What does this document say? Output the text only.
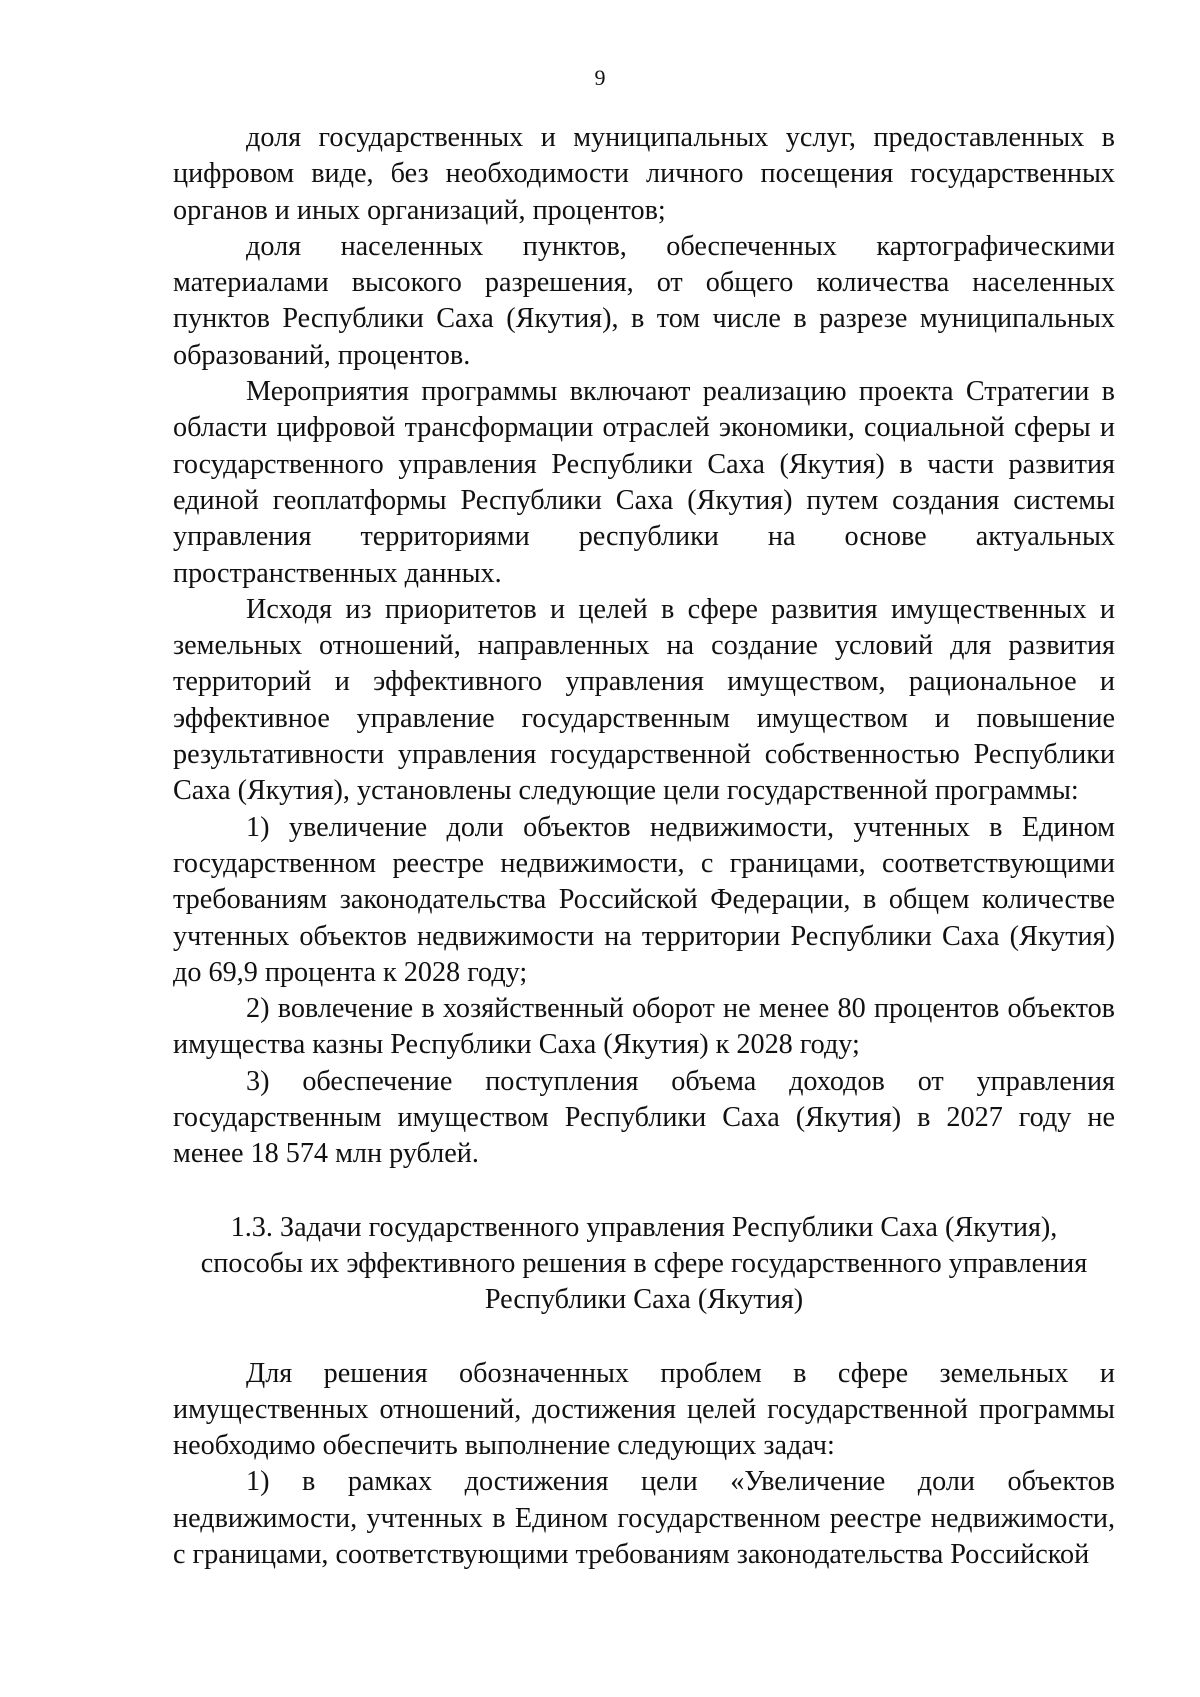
9

доля государственных и муниципальных услуг, предоставленных в цифровом виде, без необходимости личного посещения государственных органов и иных организаций, процентов;

доля населенных пунктов, обеспеченных картографическими материалами высокого разрешения, от общего количества населенных пунктов Республики Саха (Якутия), в том числе в разрезе муниципальных образований, процентов.

Мероприятия программы включают реализацию проекта Стратегии в области цифровой трансформации отраслей экономики, социальной сферы и государственного управления Республики Саха (Якутия) в части развития единой геоплатформы Республики Саха (Якутия) путем создания системы управления территориями республики на основе актуальных пространственных данных.

Исходя из приоритетов и целей в сфере развития имущественных и земельных отношений, направленных на создание условий для развития территорий и эффективного управления имуществом, рациональное и эффективное управление государственным имуществом и повышение результативности управления государственной собственностью Республики Саха (Якутия), установлены следующие цели государственной программы:

1) увеличение доли объектов недвижимости, учтенных в Едином государственном реестре недвижимости, с границами, соответствующими требованиям законодательства Российской Федерации, в общем количестве учтенных объектов недвижимости на территории Республики Саха (Якутия) до 69,9 процента к 2028 году;

2) вовлечение в хозяйственный оборот не менее 80 процентов объектов имущества казны Республики Саха (Якутия) к 2028 году;

3) обеспечение поступления объема доходов от управления государственным имуществом Республики Саха (Якутия) в 2027 году не менее 18 574 млн рублей.

1.3. Задачи государственного управления Республики Саха (Якутия),
способы их эффективного решения в сфере государственного управления
Республики Саха (Якутия)

Для решения обозначенных проблем в сфере земельных и имущественных отношений, достижения целей государственной программы необходимо обеспечить выполнение следующих задач:

1) в рамках достижения цели «Увеличение доли объектов недвижимости, учтенных в Едином государственном реестре недвижимости, с границами, соответствующими требованиям законодательства Российской
